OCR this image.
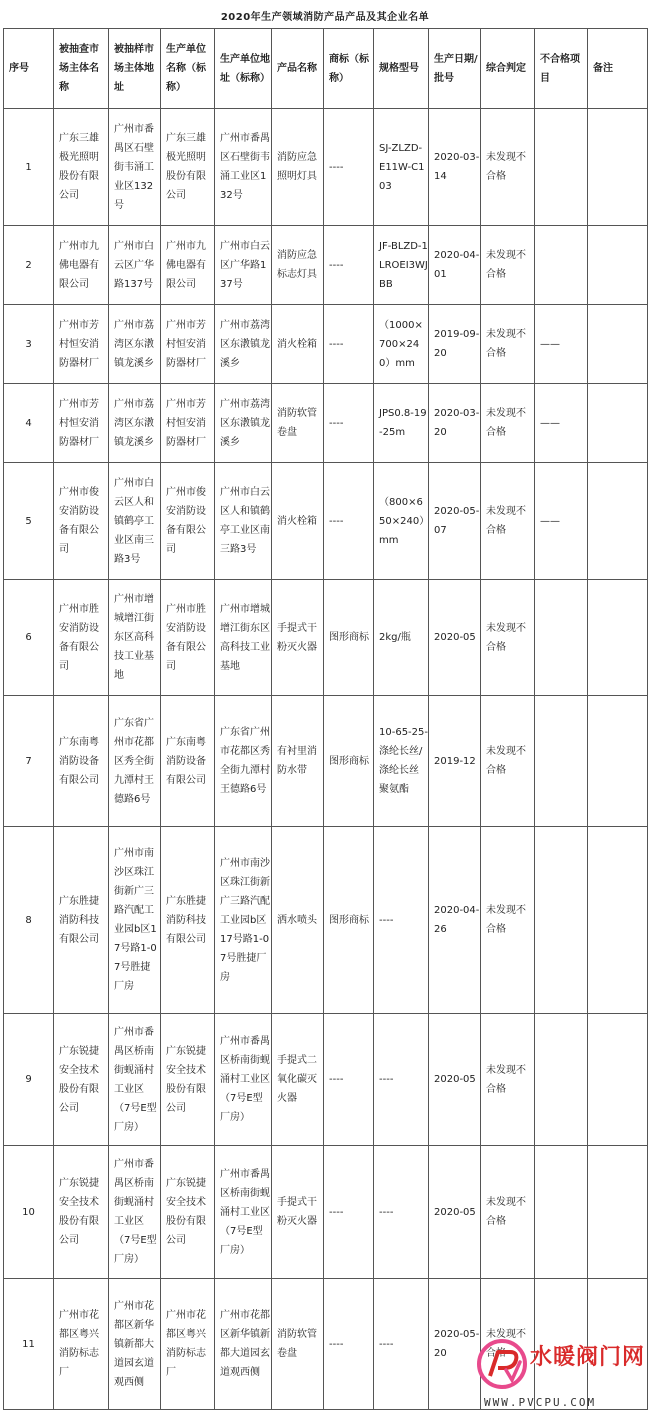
2020年生产领域消防产品产品及其企业名单
序号	被抽查市场主体名称	被抽样市场主体地址	生产单位名称（标称）	生产单位地址（标称）	产品名称	商标（标称）	规格型号	生产日期/批号	综合判定	不合格项目	备注
1	广东三雄极光照明股份有限公司	广州市番禺区石壁街韦涌工业区132号	广东三雄极光照明股份有限公司	广州市番禺区石壁街韦涌工业区132号	消防应急照明灯具	----	SJ-ZLZD-E11W-C103	2020-03-14	未发现不合格		
2	广州市九佛电器有限公司	广州市白云区广华路137号	广州市九佛电器有限公司	广州市白云区广华路137号	消防应急标志灯具	----	JF-BLZD-1LROEI3WJBB	2020-04-01	未发现不合格		
3	广州市芳村恒安消防器材厂	广州市荔湾区东漖镇龙溪乡	广州市芳村恒安消防器材厂	广州市荔湾区东漖镇龙溪乡	消火栓箱	----	（1000×700×240）mm	2019-09-20	未发现不合格	——	
4	广州市芳村恒安消防器材厂	广州市荔湾区东漖镇龙溪乡	广州市芳村恒安消防器材厂	广州市荔湾区东漖镇龙溪乡	消防软管卷盘	----	JPS0.8-19-25m	2020-03-20	未发现不合格	——	
5	广州市俊安消防设备有限公司	广州市白云区人和镇鹤亭工业区南三路3号	广州市俊安消防设备有限公司	广州市白云区人和镇鹤亭工业区南三路3号	消火栓箱	----	（800×650×240）mm	2020-05-07	未发现不合格	——	
6	广州市胜安消防设备有限公司	广州市增城增江街东区高科技工业基地	广州市胜安消防设备有限公司	广州市增城增江街东区高科技工业基地	手提式干粉灭火器	图形商标	2kg/瓶	2020-05	未发现不合格		
7	广东南粤消防设备有限公司	广东省广州市花都区秀全街九潭村王德路6号	广东南粤消防设备有限公司	广东省广州市花都区秀全街九潭村王德路6号	有衬里消防水带	图形商标	10-65-25-涤纶长丝/涤纶长丝聚氨酯	2019-12	未发现不合格		
8	广东胜捷消防科技有限公司	广州市南沙区珠江街新广三路汽配工业园b区17号路1-07号胜捷厂房	广东胜捷消防科技有限公司	广州市南沙区珠江街新广三路汽配工业园b区17号路1-07号胜捷厂房	洒水喷头	图形商标	----	2020-04-26	未发现不合格		
9	广东锐捷安全技术股份有限公司	广州市番禺区桥南街蚬涌村工业区（7号E型厂房）	广东锐捷安全技术股份有限公司	广州市番禺区桥南街蚬涌村工业区（7号E型厂房）	手提式二氧化碳灭火器	----	----	2020-05	未发现不合格		
10	广东锐捷安全技术股份有限公司	广州市番禺区桥南街蚬涌村工业区（7号E型厂房）	广东锐捷安全技术股份有限公司	广州市番禺区桥南街蚬涌村工业区（7号E型厂房）	手提式干粉灭火器	----	----	2020-05	未发现不合格		
11	广州市花都区粤兴消防标志厂	广州市花都区新华镇新都大道园玄道观西侧	广州市花都区粤兴消防标志厂	广州市花都区新华镇新都大道园玄道观西侧	消防软管卷盘	----	----	2020-05-20	未发现不合格		水暖阀门网
WWW.PVCPU.COM
